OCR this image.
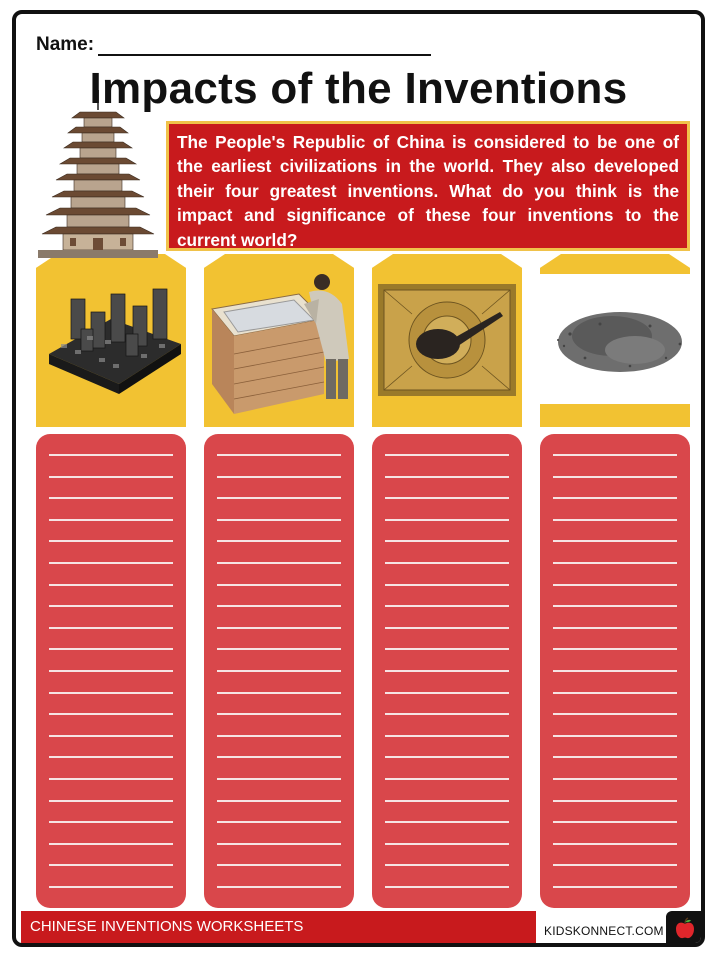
Name:
Impacts of the Inventions
The People's Republic of China is considered to be one of the earliest civilizations in the world. They also developed their four greatest inventions. What do you think is the impact and significance of these four inventions to the current world?
CHINESE INVENTIONS WORKSHEETS	KIDSKONNECT.COM
